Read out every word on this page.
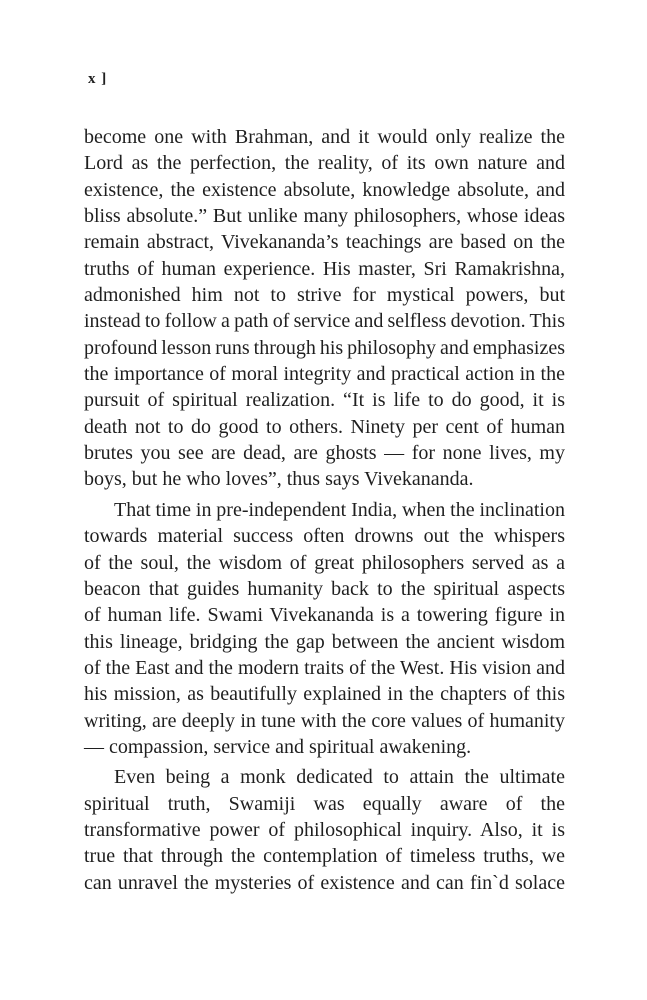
x ]
become one with Brahman, and it would only realize the
Lord as the perfection, the reality, of its own nature and
existence, the existence absolute, knowledge absolute, and
bliss absolute.” But unlike many philosophers, whose ideas
remain abstract, Vivekananda’s teachings are based on the
truths of human experience. His master, Sri Ramakrishna,
admonished him not to strive for mystical powers, but
instead to follow a path of service and selfless devotion. This
profound lesson runs through his philosophy and emphasizes
the importance of moral integrity and practical action in the
pursuit of spiritual realization. “It is life to do good, it is
death not to do good to others. Ninety per cent of human
brutes you see are dead, are ghosts — for none lives, my
boys, but he who loves”, thus says Vivekananda.
That time in pre-independent India, when the inclination
towards material success often drowns out the whispers
of the soul, the wisdom of great philosophers served as a
beacon that guides humanity back to the spiritual aspects
of human life. Swami Vivekananda is a towering figure in
this lineage, bridging the gap between the ancient wisdom
of the East and the modern traits of the West. His vision and
his mission, as beautifully explained in the chapters of this
writing, are deeply in tune with the core values of humanity
— compassion, service and spiritual awakening.
Even being a monk dedicated to attain the ultimate
spiritual truth, Swamiji was equally aware of the
transformative power of philosophical inquiry. Also, it is
true that through the contemplation of timeless truths, we
can unravel the mysteries of existence and can fin`d solace
